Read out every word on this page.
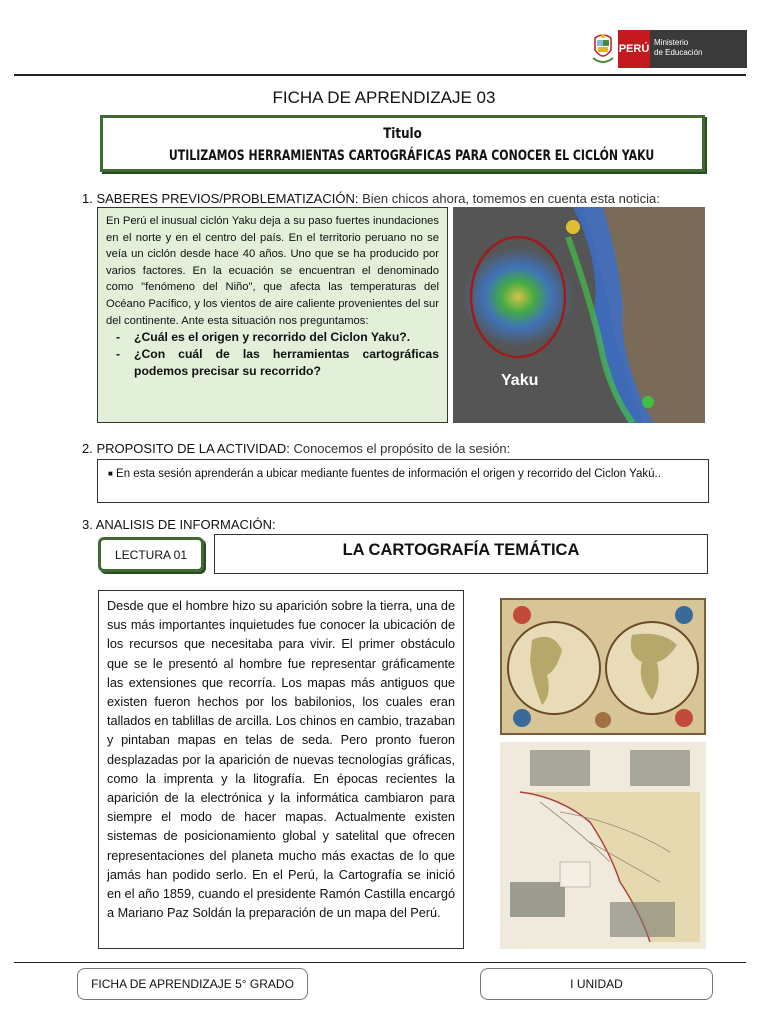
PERÚ
Ministerio
de Educación
FICHA DE APRENDIZAJE 03
Titulo
UTILIZAMOS HERRAMIENTAS CARTOGRÁFICAS PARA CONOCER EL CICLÓN YAKU
1. SABERES PREVIOS/PROBLEMATIZACIÓN: Bien chicos ahora, tomemos en cuenta esta noticia:
En Perú el inusual ciclón Yaku deja a su paso fuertes inundaciones en el norte y en el centro del país. En el territorio peruano no se veía un ciclón desde hace 40 años. Uno que se ha producido por varios factores. En la ecuación se encuentran el denominado como "fenómeno del Niño", que afecta las temperaturas del Océano Pacífico, y los vientos de aire caliente provenientes del sur del continente. Ante esta situación nos preguntamos:
-	¿Cuál es el origen y recorrido del Ciclon Yaku?.
-	¿Con cuál de las herramientas cartográficas podemos precisar su recorrido?
Yaku
2. PROPOSITO DE LA ACTIVIDAD: Conocemos el propósito de la sesión:
■ En esta sesión aprenderán a ubicar mediante fuentes de información el origen y recorrido del Ciclon Yakú..
3. ANALISIS DE INFORMACIÓN:
LECTURA 01	LA CARTOGRAFÍA TEMÁTICA
Desde que el hombre hizo su aparición sobre la tierra, una de sus más importantes inquietudes fue conocer la ubicación de los recursos que necesitaba para vivir. El primer obstáculo que se le presentó al hombre fue representar gráficamente las extensiones que recorría. Los mapas más antiguos que existen fueron hechos por los babilonios, los cuales eran tallados en tablillas de arcilla. Los chinos en cambio, trazaban y pintaban mapas en telas de seda. Pero pronto fueron desplazadas por la aparición de nuevas tecnologías gráficas, como la imprenta y la litografía. En épocas recientes la aparición de la electrónica y la informática cambiaron para siempre el modo de hacer mapas. Actualmente existen sistemas de posicionamiento global y satelital que ofrecen representaciones del planeta mucho más exactas de lo que jamás han podido serlo. En el Perú, la Cartografía se inició en el año 1859, cuando el presidente Ramón Castilla encargó a Mariano Paz Soldán la preparación de un mapa del Perú.
FICHA DE APRENDIZAJE 5° GRADO	I UNIDAD
